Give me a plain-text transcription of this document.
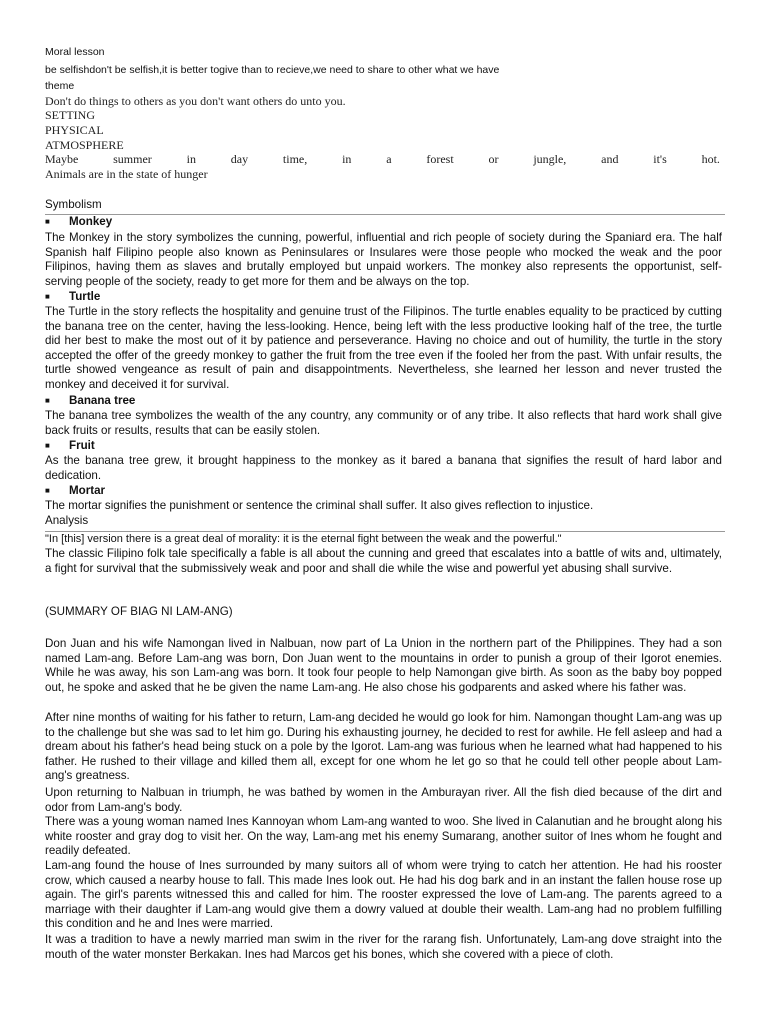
Moral lesson
be selfishdon't be selfish,it is better togive than to recieve,we need to share to other what we have
theme
Don't do things to others as you don't want others do unto you.
SETTING
PHYSICAL
ATMOSPHERE
Maybe	summer	in	day	time,	in	a	forest	or	jungle,	and	it's	hot.
Animals are in the state of hunger
Symbolism
■ Monkey
The Monkey in the story symbolizes the cunning, powerful, influential and rich people of society during the Spaniard era. The half Spanish half Filipino people also known as Peninsulares or Insulares were those people who mocked the weak and the poor Filipinos, having them as slaves and brutally employed but unpaid workers. The monkey also represents the opportunist, self-serving people of the society, ready to get more for them and be always on the top.
■ Turtle
The Turtle in the story reflects the hospitality and genuine trust of the Filipinos. The turtle enables equality to be practiced by cutting the banana tree on the center, having the less-looking. Hence, being left with the less productive looking half of the tree, the turtle did her best to make the most out of it by patience and perseverance. Having no choice and out of humility, the turtle in the story accepted the offer of the greedy monkey to gather the fruit from the tree even if the fooled her from the past. With unfair results, the turtle showed vengeance as result of pain and disappointments. Nevertheless, she learned her lesson and never trusted the monkey and deceived it for survival.
■ Banana tree
The banana tree symbolizes the wealth of the any country, any community or of any tribe. It also reflects that hard work shall give back fruits or results, results that can be easily stolen.
■ Fruit
As the banana tree grew, it brought happiness to the monkey as it bared a banana that signifies the result of hard labor and dedication.
■ Mortar
The mortar signifies the punishment or sentence the criminal shall suffer. It also gives reflection to injustice.
Analysis
"In [this] version there is a great deal of morality: it is the eternal fight between the weak and the powerful."
The classic Filipino folk tale specifically a fable is all about the cunning and greed that escalates into a battle of wits and, ultimately, a fight for survival that the submissively weak and poor and shall die while the wise and powerful yet abusing shall survive.
(SUMMARY OF BIAG NI LAM-ANG)
Don Juan and his wife Namongan lived in Nalbuan, now part of La Union in the northern part of the Philippines. They had a son named Lam-ang. Before Lam-ang was born, Don Juan went to the mountains in order to punish a group of their Igorot enemies. While he was away, his son Lam-ang was born. It took four people to help Namongan give birth. As soon as the baby boy popped out, he spoke and asked that he be given the name Lam-ang. He also chose his godparents and asked where his father was.
After nine months of waiting for his father to return, Lam-ang decided he would go look for him. Namongan thought Lam-ang was up to the challenge but she was sad to let him go. During his exhausting journey, he decided to rest for awhile. He fell asleep and had a dream about his father's head being stuck on a pole by the Igorot. Lam-ang was furious when he learned what had happened to his father. He rushed to their village and killed them all, except for one whom he let go so that he could tell other people about Lam-ang's greatness.
Upon returning to Nalbuan in triumph, he was bathed by women in the Amburayan river. All the fish died because of the dirt and odor from Lam-ang's body.
There was a young woman named Ines Kannoyan whom Lam-ang wanted to woo. She lived in Calanutian and he brought along his white rooster and gray dog to visit her. On the way, Lam-ang met his enemy Sumarang, another suitor of Ines whom he fought and readily defeated.
Lam-ang found the house of Ines surrounded by many suitors all of whom were trying to catch her attention. He had his rooster crow, which caused a nearby house to fall. This made Ines look out. He had his dog bark and in an instant the fallen house rose up again. The girl's parents witnessed this and called for him. The rooster expressed the love of Lam-ang. The parents agreed to a marriage with their daughter if Lam-ang would give them a dowry valued at double their wealth. Lam-ang had no problem fulfilling this condition and he and Ines were married.
It was a tradition to have a newly married man swim in the river for the rarang fish. Unfortunately, Lam-ang dove straight into the mouth of the water monster Berkakan. Ines had Marcos get his bones, which she covered with a piece of cloth.
